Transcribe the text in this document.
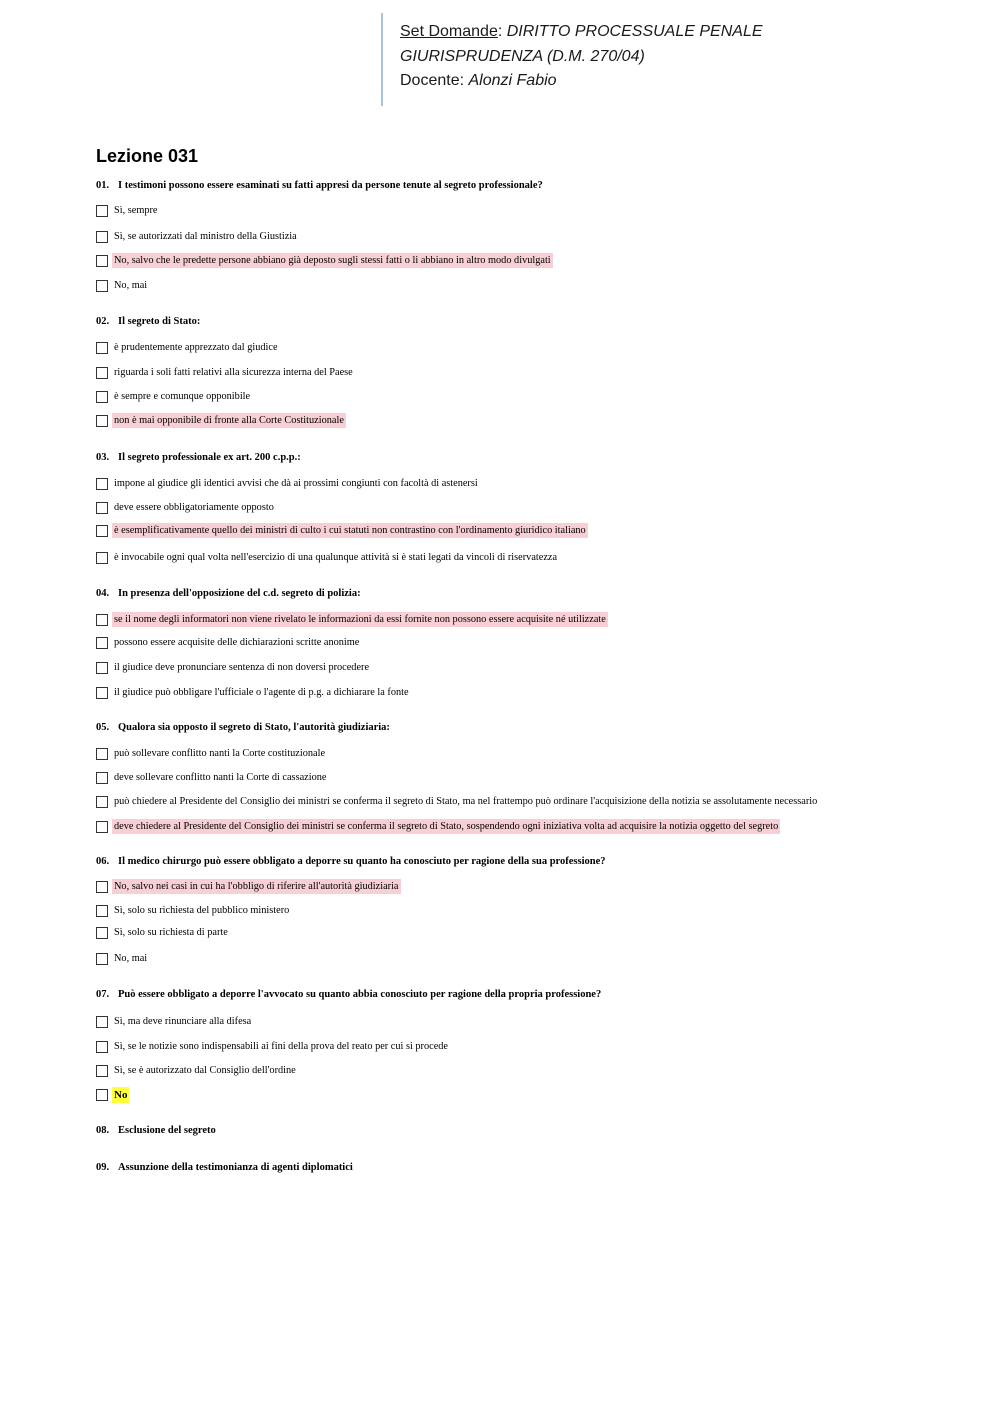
Set Domande: DIRITTO PROCESSUALE PENALE
GIURISPRUDENZA (D.M. 270/04)
Docente: Alonzi Fabio
Lezione 031
01. I testimoni possono essere esaminati su fatti appresi da persone tenute al segreto professionale?
Sì, sempre
Sì, se autorizzati dal ministro della Giustizia
No, salvo che le predette persone abbiano già deposto sugli stessi fatti o li abbiano in altro modo divulgati
No, mai
02. Il segreto di Stato:
è prudentemente apprezzato dal giudice
riguarda i soli fatti relativi alla sicurezza interna del Paese
è sempre e comunque opponibile
non è mai opponibile di fronte alla Corte Costituzionale
03. Il segreto professionale ex art. 200 c.p.p.:
impone al giudice gli identici avvisi che dà ai prossimi congiunti con facoltà di astenersi
deve essere obbligatoriamente opposto
è esemplificativamente quello dei ministri di culto i cui statuti non contrastino con l'ordinamento giuridico italiano
è invocabile ogni qual volta nell'esercizio di una qualunque attività si è stati legati da vincoli di riservatezza
04. In presenza dell'opposizione del c.d. segreto di polizia:
se il nome degli informatori non viene rivelato le informazioni da essi fornite non possono essere acquisite né utilizzate
possono essere acquisite delle dichiarazioni scritte anonime
il giudice deve pronunciare sentenza di non doversi procedere
il giudice può obbligare l'ufficiale o l'agente di p.g. a dichiarare la fonte
05. Qualora sia opposto il segreto di Stato, l'autorità giudiziaria:
può sollevare conflitto nanti la Corte costituzionale
deve sollevare conflitto nanti la Corte di cassazione
può chiedere al Presidente del Consiglio dei ministri se conferma il segreto di Stato, ma nel frattempo può ordinare l'acquisizione della notizia se assolutamente necessario
deve chiedere al Presidente del Consiglio dei ministri se conferma il segreto di Stato, sospendendo ogni iniziativa volta ad acquisire la notizia oggetto del segreto
06. Il medico chirurgo può essere obbligato a deporre su quanto ha conosciuto per ragione della sua professione?
No, salvo nei casi in cui ha l'obbligo di riferire all'autorità giudiziaria
Sì, solo su richiesta del pubblico ministero
Sì, solo su richiesta di parte
No, mai
07. Può essere obbligato a deporre l'avvocato su quanto abbia conosciuto per ragione della propria professione?
Sì, ma deve rinunciare alla difesa
Sì, se le notizie sono indispensabili ai fini della prova del reato per cui si procede
Sì, se è autorizzato dal Consiglio dell'ordine
No
08. Esclusione del segreto
09. Assunzione della testimonianza di agenti diplomatici
